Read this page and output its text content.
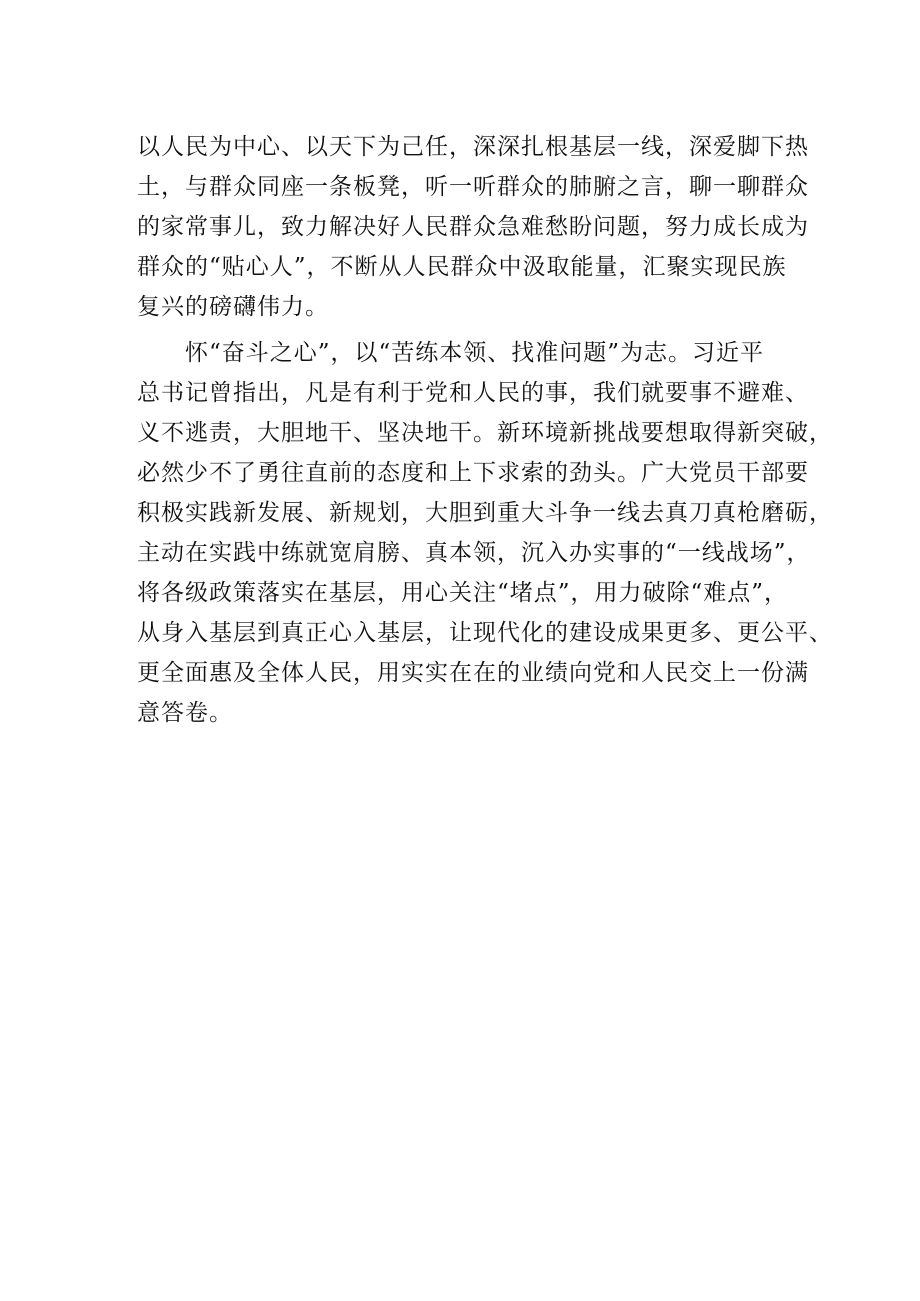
以人民为中心、以天下为己任，深深扎根基层一线，深爱脚下热
土，与群众同座一条板凳，听一听群众的肺腑之言，聊一聊群众
的家常事儿，致力解决好人民群众急难愁盼问题，努力成长成为
群众的“贴心人”，不断从人民群众中汲取能量，汇聚实现民族
复兴的磅礴伟力。
　　怀“奋斗之心”，以“苦练本领、找准问题”为志。习近平
总书记曾指出，凡是有利于党和人民的事，我们就要事不避难、
义不逃责，大胆地干、坚决地干。新环境新挑战要想取得新突破，
必然少不了勇往直前的态度和上下求索的劲头。广大党员干部要
积极实践新发展、新规划，大胆到重大斗争一线去真刀真枪磨砺，
主动在实践中练就宽肩膀、真本领，沉入办实事的“一线战场”，
将各级政策落实在基层，用心关注“堵点”，用力破除“难点”，
从身入基层到真正心入基层，让现代化的建设成果更多、更公平、
更全面惠及全体人民，用实实在在的业绩向党和人民交上一份满
意答卷。
